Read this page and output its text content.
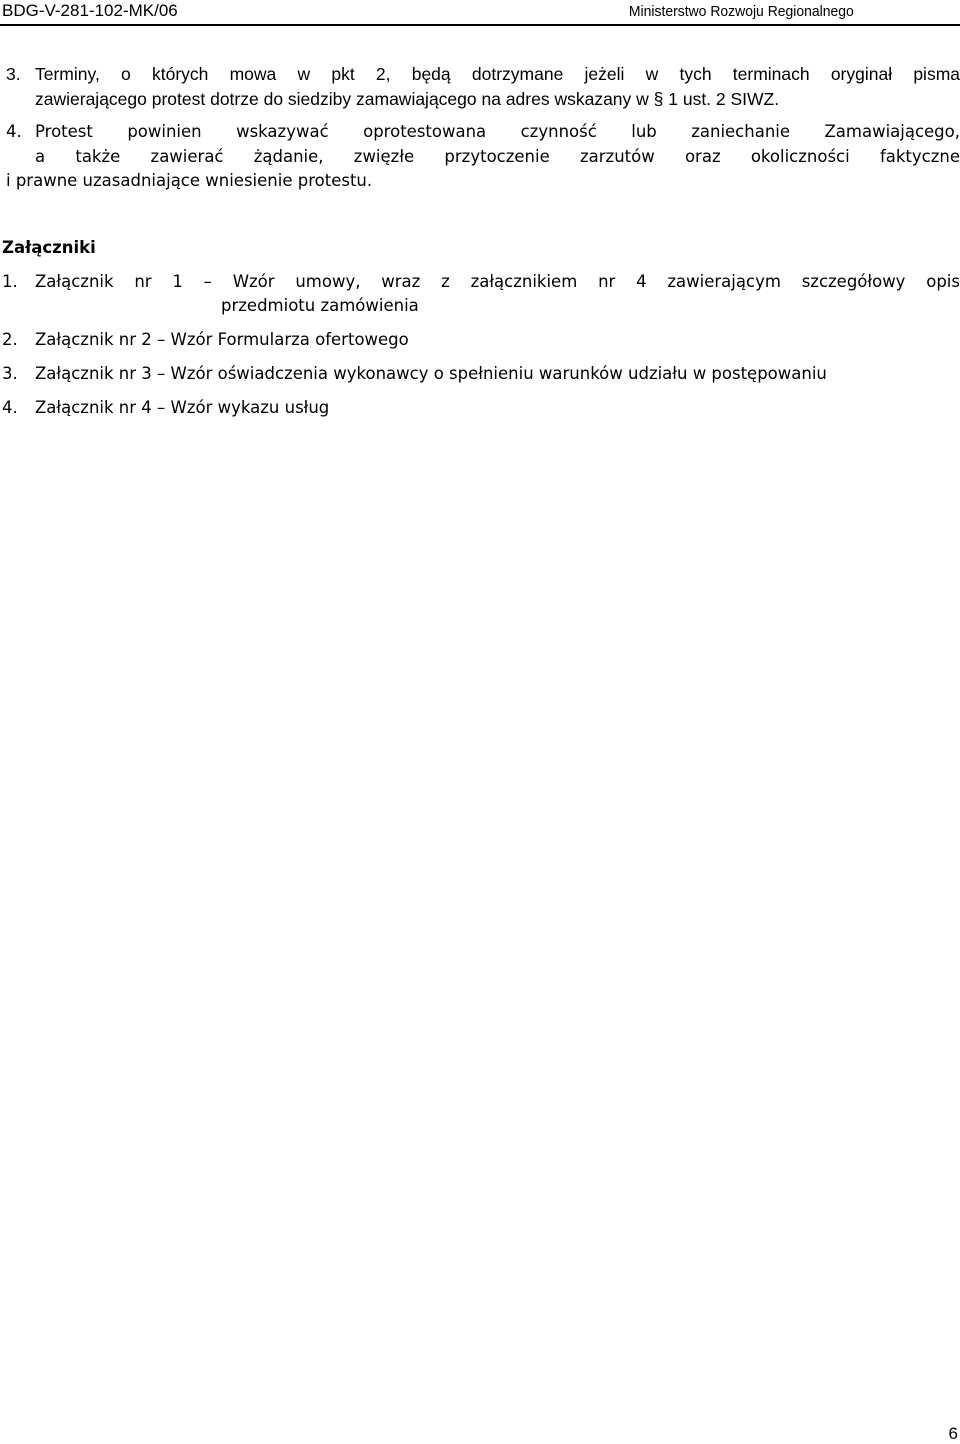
BDG-V-281-102-MK/06	Ministerstwo Rozwoju Regionalnego
3. Terminy, o których mowa w pkt 2, będą dotrzymane jeżeli w tych terminach oryginał pisma
zawierającego protest dotrze do siedziby zamawiającego na adres wskazany w § 1 ust. 2 SIWZ.
4. Protest powinien wskazywać oprotestowana czynność lub zaniechanie Zamawiającego,
a także zawierać żądanie, zwięzłe przytoczenie zarzutów oraz okoliczności faktyczne
i prawne uzasadniające wniesienie protestu.
Załączniki
1. Załącznik nr 1 – Wzór umowy, wraz z załącznikiem nr 4 zawierającym szczegółowy opis
przedmiotu zamówienia
2. Załącznik nr 2 – Wzór Formularza ofertowego
3. Załącznik nr 3 – Wzór oświadczenia wykonawcy o spełnieniu warunków udziału w postępowaniu
4. Załącznik nr 4 – Wzór wykazu usług
6
